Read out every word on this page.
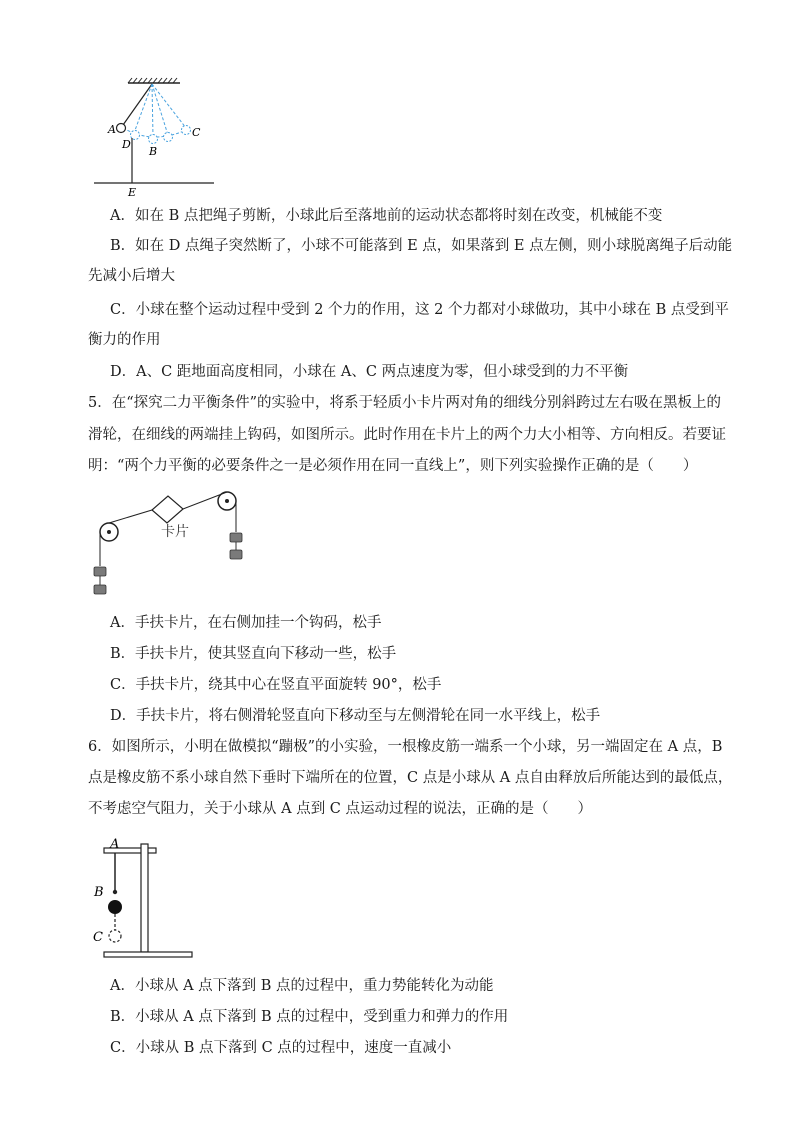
A
D
B
C
E
A．如在 B 点把绳子剪断，小球此后至落地前的运动状态都将时刻在改变，机械能不变
B．如在 D 点绳子突然断了，小球不可能落到 E 点，如果落到 E 点左侧，则小球脱离绳子后动能
先减小后增大
C．小球在整个运动过程中受到 2 个力的作用，这 2 个力都对小球做功，其中小球在 B 点受到平
衡力的作用
D．A、C 距地面高度相同，小球在 A、C 两点速度为零，但小球受到的力不平衡
5．在“探究二力平衡条件”的实验中，将系于轻质小卡片两对角的细线分别斜跨过左右吸在黑板上的
滑轮，在细线的两端挂上钩码，如图所示。此时作用在卡片上的两个力大小相等、方向相反。若要证
明：“两个力平衡的必要条件之一是必须作用在同一直线上”，则下列实验操作正确的是（　　）
卡片
A．手扶卡片，在右侧加挂一个钩码，松手
B．手扶卡片，使其竖直向下移动一些，松手
C．手扶卡片，绕其中心在竖直平面旋转 90°，松手
D．手扶卡片，将右侧滑轮竖直向下移动至与左侧滑轮在同一水平线上，松手
6．如图所示，小明在做模拟“蹦极”的小实验，一根橡皮筋一端系一个小球，另一端固定在 A 点，B
点是橡皮筋不系小球自然下垂时下端所在的位置，C 点是小球从 A 点自由释放后所能达到的最低点，
不考虑空气阻力，关于小球从 A 点到 C 点运动过程的说法，正确的是（　　）
A
B
C
A．小球从 A 点下落到 B 点的过程中，重力势能转化为动能
B．小球从 A 点下落到 B 点的过程中，受到重力和弹力的作用
C．小球从 B 点下落到 C 点的过程中，速度一直减小
